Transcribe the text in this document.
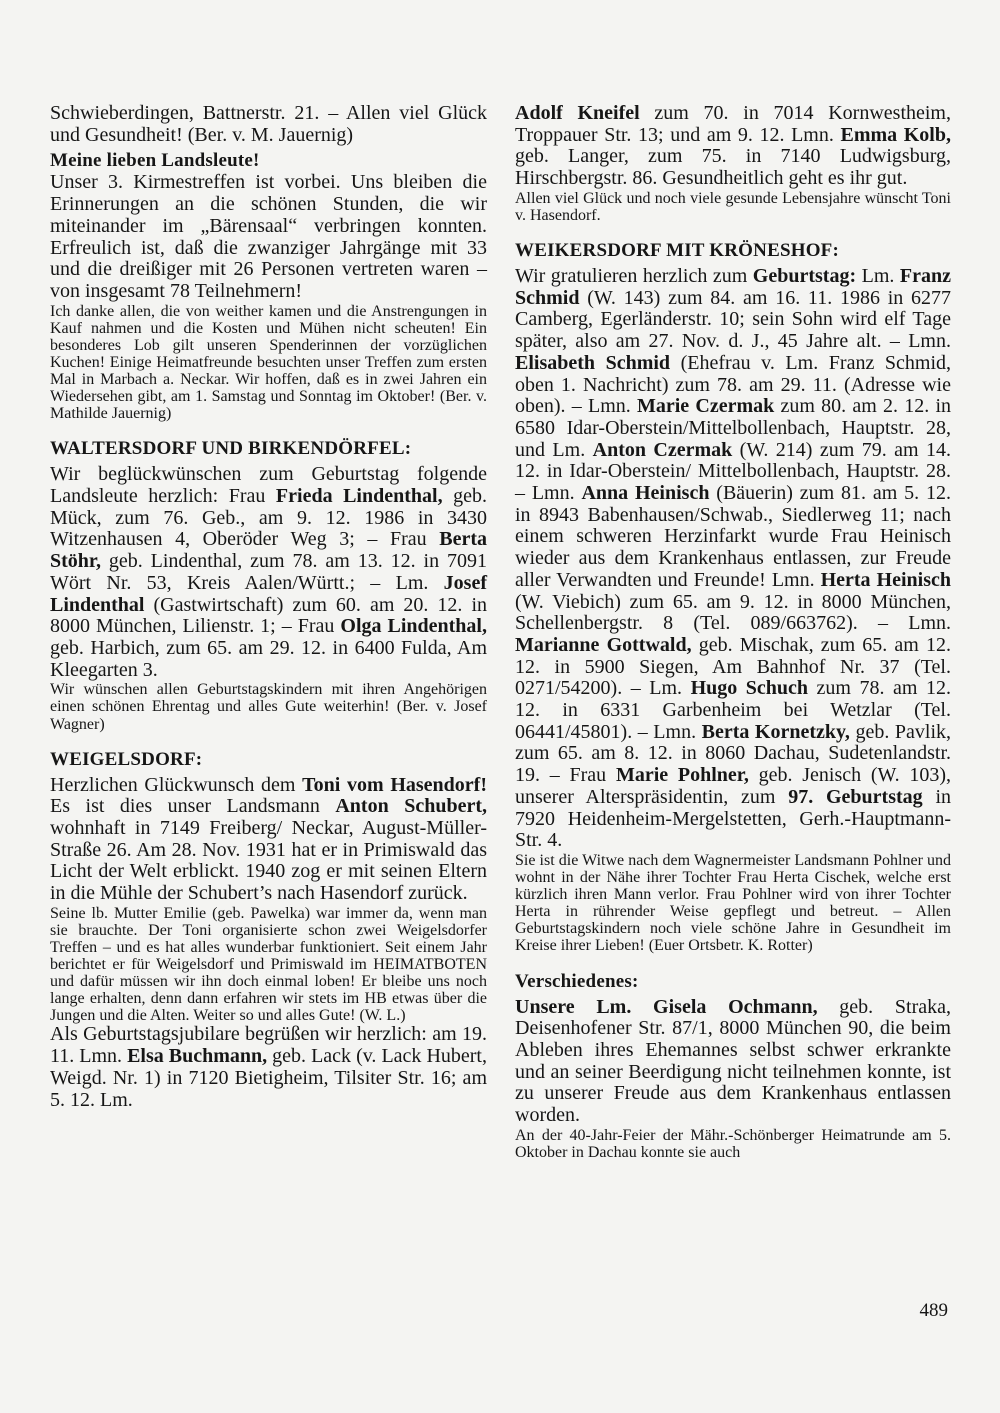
Schwieberdingen, Battnerstr. 21. – Allen viel Glück und Gesundheit! (Ber. v. M. Jauernig)

Meine lieben Landsleute!

Unser 3. Kirmestreffen ist vorbei. Uns bleiben die Erinnerungen an die schönen Stunden, die wir miteinander im „Bärensaal“ verbringen konnten. Erfreulich ist, daß die zwanziger Jahrgänge mit 33 und die dreißiger mit 26 Personen vertreten waren – von insgesamt 78 Teilnehmern!

Ich danke allen, die von weither kamen und die Anstrengungen in Kauf nahmen und die Kosten und Mühen nicht scheuten! Ein besonderes Lob gilt unseren Spenderinnen der vorzüglichen Kuchen! Einige Heimatfreunde besuchten unser Treffen zum ersten Mal in Marbach a. Neckar. Wir hoffen, daß es in zwei Jahren ein Wiedersehen gibt, am 1. Samstag und Sonntag im Oktober! (Ber. v. Mathilde Jauernig)

WALTERSDORF UND BIRKENDÖRFEL:

Wir beglückwünschen zum Geburtstag folgende Landsleute herzlich: Frau Frieda Lindenthal, geb. Mück, zum 76. Geb., am 9. 12. 1986 in 3430 Witzenhausen 4, Oberöder Weg 3; – Frau Berta Stöhr, geb. Lindenthal, zum 78. am 13. 12. in 7091 Wört Nr. 53, Kreis Aalen/Württ.; – Lm. Josef Lindenthal (Gastwirtschaft) zum 60. am 20. 12. in 8000 München, Lilienstr. 1; – Frau Olga Lindenthal, geb. Harbich, zum 65. am 29. 12. in 6400 Fulda, Am Kleegarten 3.

Wir wünschen allen Geburtstagskindern mit ihren Angehörigen einen schönen Ehrentag und alles Gute weiterhin! (Ber. v. Josef Wagner)

WEIGELSDORF:

Herzlichen Glückwunsch dem Toni vom Hasendorf! Es ist dies unser Landsmann Anton Schubert, wohnhaft in 7149 Freiberg/ Neckar, August-Müller-Straße 26. Am 28. Nov. 1931 hat er in Primiswald das Licht der Welt erblickt. 1940 zog er mit seinen Eltern in die Mühle der Schubert’s nach Hasendorf zurück.

Seine lb. Mutter Emilie (geb. Pawelka) war immer da, wenn man sie brauchte. Der Toni organisierte schon zwei Weigelsdorfer Treffen – und es hat alles wunderbar funktioniert. Seit einem Jahr berichtet er für Weigelsdorf und Primiswald im HEIMATBOTEN und dafür müssen wir ihn doch einmal loben! Er bleibe uns noch lange erhalten, denn dann erfahren wir stets im HB etwas über die Jungen und die Alten. Weiter so und alles Gute! (W. L.)

Als Geburtstagsjubilare begrüßen wir herzlich: am 19. 11. Lmn. Elsa Buchmann, geb. Lack (v. Lack Hubert, Weigd. Nr. 1) in 7120 Bietigheim, Tilsiter Str. 16; am 5. 12. Lm.

Adolf Kneifel zum 70. in 7014 Kornwestheim, Troppauer Str. 13; und am 9. 12. Lmn. Emma Kolb, geb. Langer, zum 75. in 7140 Ludwigsburg, Hirschbergstr. 86. Gesundheitlich geht es ihr gut.

Allen viel Glück und noch viele gesunde Lebensjahre wünscht Toni v. Hasendorf.

WEIKERSDORF MIT KRÖNESHOF:

Wir gratulieren herzlich zum Geburtstag: Lm. Franz Schmid (W. 143) zum 84. am 16. 11. 1986 in 6277 Camberg, Egerländerstr. 10; sein Sohn wird elf Tage später, also am 27. Nov. d. J., 45 Jahre alt. – Lmn. Elisabeth Schmid (Ehefrau v. Lm. Franz Schmid, oben 1. Nachricht) zum 78. am 29. 11. (Adresse wie oben). – Lmn. Marie Czermak zum 80. am 2. 12. in 6580 Idar-Oberstein/Mittelbollenbach, Hauptstr. 28, und Lm. Anton Czermak (W. 214) zum 79. am 14. 12. in Idar-Oberstein/ Mittelbollenbach, Hauptstr. 28. – Lmn. Anna Heinisch (Bäuerin) zum 81. am 5. 12. in 8943 Babenhausen/Schwab., Siedlerweg 11; nach einem schweren Herzinfarkt wurde Frau Heinisch wieder aus dem Krankenhaus entlassen, zur Freude aller Verwandten und Freunde! Lmn. Herta Heinisch (W. Viebich) zum 65. am 9. 12. in 8000 München, Schellenbergstr. 8 (Tel. 089/663762). – Lmn. Marianne Gottwald, geb. Mischak, zum 65. am 12. 12. in 5900 Siegen, Am Bahnhof Nr. 37 (Tel. 0271/54200). – Lm. Hugo Schuch zum 78. am 12. 12. in 6331 Garbenheim bei Wetzlar (Tel. 06441/45801). – Lmn. Berta Kornetzky, geb. Pavlik, zum 65. am 8. 12. in 8060 Dachau, Sudetenlandstr. 19. – Frau Marie Pohlner, geb. Jenisch (W. 103), unserer Alterspräsidentin, zum 97. Geburtstag in 7920 Heidenheim-Mergelstetten, Gerh.-Hauptmann-Str. 4.

Sie ist die Witwe nach dem Wagnermeister Landsmann Pohlner und wohnt in der Nähe ihrer Tochter Frau Herta Cischek, welche erst kürzlich ihren Mann verlor. Frau Pohlner wird von ihrer Tochter Herta in rührender Weise gepflegt und betreut. – Allen Geburtstagskindern noch viele schöne Jahre in Gesundheit im Kreise ihrer Lieben! (Euer Ortsbetr. K. Rotter)

Verschiedenes:

Unsere Lm. Gisela Ochmann, geb. Straka, Deisenhofener Str. 87/1, 8000 München 90, die beim Ableben ihres Ehemannes selbst schwer erkrankte und an seiner Beerdigung nicht teilnehmen konnte, ist zu unserer Freude aus dem Krankenhaus entlassen worden.

An der 40-Jahr-Feier der Mähr.-Schönberger Heimatrunde am 5. Oktober in Dachau konnte sie auch

489
